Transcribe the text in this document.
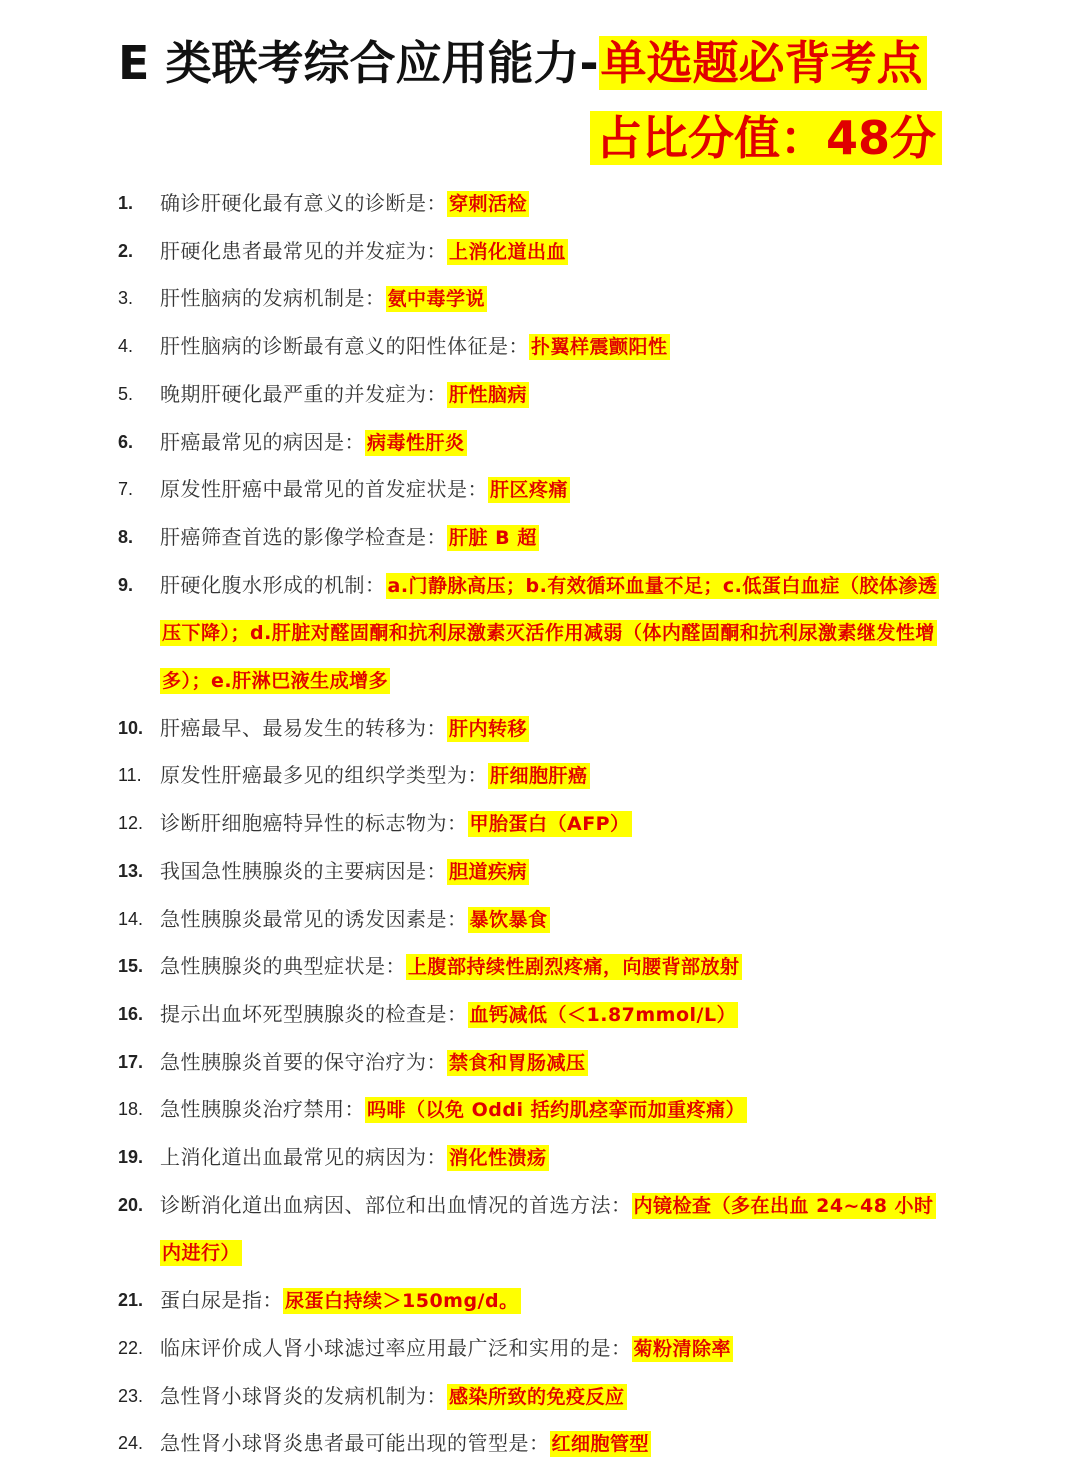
E 类联考综合应用能力-单选题必背考点
占比分值：48分
1.	确诊肝硬化最有意义的诊断是： 穿刺活检
2.	肝硬化患者最常见的并发症为： 上消化道出血
3.	肝性脑病的发病机制是： 氨中毒学说
4.	肝性脑病的诊断最有意义的阳性体征是： 扑翼样震颤阳性
5.	晚期肝硬化最严重的并发症为： 肝性脑病
6.	肝癌最常见的病因是： 病毒性肝炎
7.	原发性肝癌中最常见的首发症状是： 肝区疼痛
8.	肝癌筛查首选的影像学检查是： 肝脏 B 超
9.	肝硬化腹水形成的机制： a.门静脉高压；b.有效循环血量不足；c.低蛋白血症（胶体渗透压下降）；d.肝脏对醛固酮和抗利尿激素灭活作用减弱（体内醛固酮和抗利尿激素继发性增多）；e.肝淋巴液生成增多
10. 肝癌最早、最易发生的转移为： 肝内转移
11. 原发性肝癌最多见的组织学类型为： 肝细胞肝癌
12. 诊断肝细胞癌特异性的标志物为： 甲胎蛋白（AFP）
13. 我国急性胰腺炎的主要病因是： 胆道疾病
14. 急性胰腺炎最常见的诱发因素是： 暴饮暴食
15. 急性胰腺炎的典型症状是： 上腹部持续性剧烈疼痛，向腰背部放射
16. 提示出血坏死型胰腺炎的检查是： 血钙减低（＜1.87mmol/L）
17. 急性胰腺炎首要的保守治疗为： 禁食和胃肠减压
18. 急性胰腺炎治疗禁用： 吗啡（以免 Oddi 括约肌痉挛而加重疼痛）
19. 上消化道出血最常见的病因为： 消化性溃疡
20. 诊断消化道出血病因、部位和出血情况的首选方法： 内镜检查（多在出血 24~48 小时内进行）
21. 蛋白尿是指： 尿蛋白持续＞150mg/d。
22. 临床评价成人肾小球滤过率应用最广泛和实用的是： 菊粉清除率
23. 急性肾小球肾炎的发病机制为： 感染所致的免疫反应
24. 急性肾小球肾炎患者最可能出现的管型是： 红细胞管型
